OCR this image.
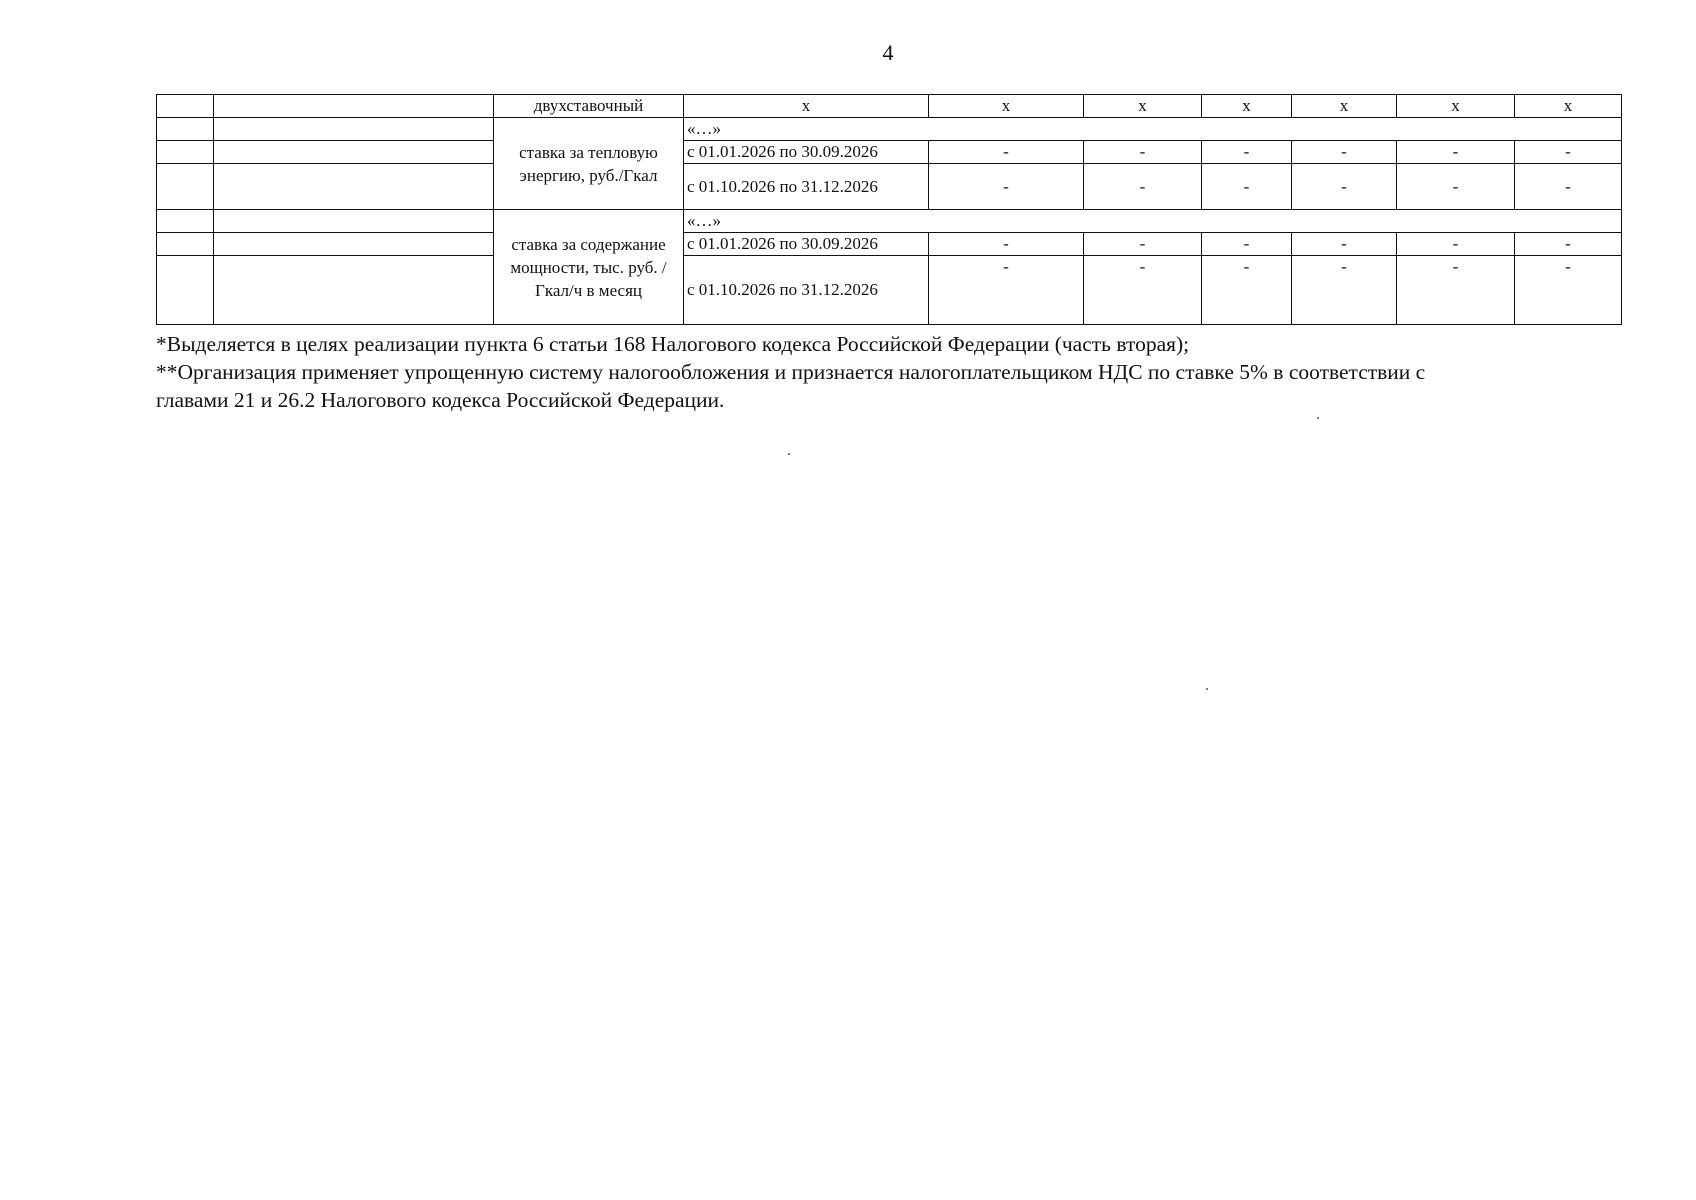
4
		двухставочный	x	x	x	x	x	x	x
		ставка за тепловую энергию, руб./Гкал	«…»						
			с 01.01.2026 по 30.09.2026	-	-	-	-	-	-
			с 01.10.2026 по 31.12.2026	-	-	-	-	-	-
		ставка за содержание мощности, тыс. руб. /Гкал/ч в месяц	«…»						
			с 01.01.2026 по 30.09.2026	-	-	-	-	-	-
			с 01.10.2026 по 31.12.2026	-	-	-	-	-	-

*Выделяется в целях реализации пункта 6 статьи 168 Налогового кодекса Российской Федерации (часть вторая);

**Организация применяет упрощенную систему налогообложения и признается налогоплательщиком НДС по ставке 5% в соответствии с главами 21 и 26.2 Налогового кодекса Российской Федерации.
